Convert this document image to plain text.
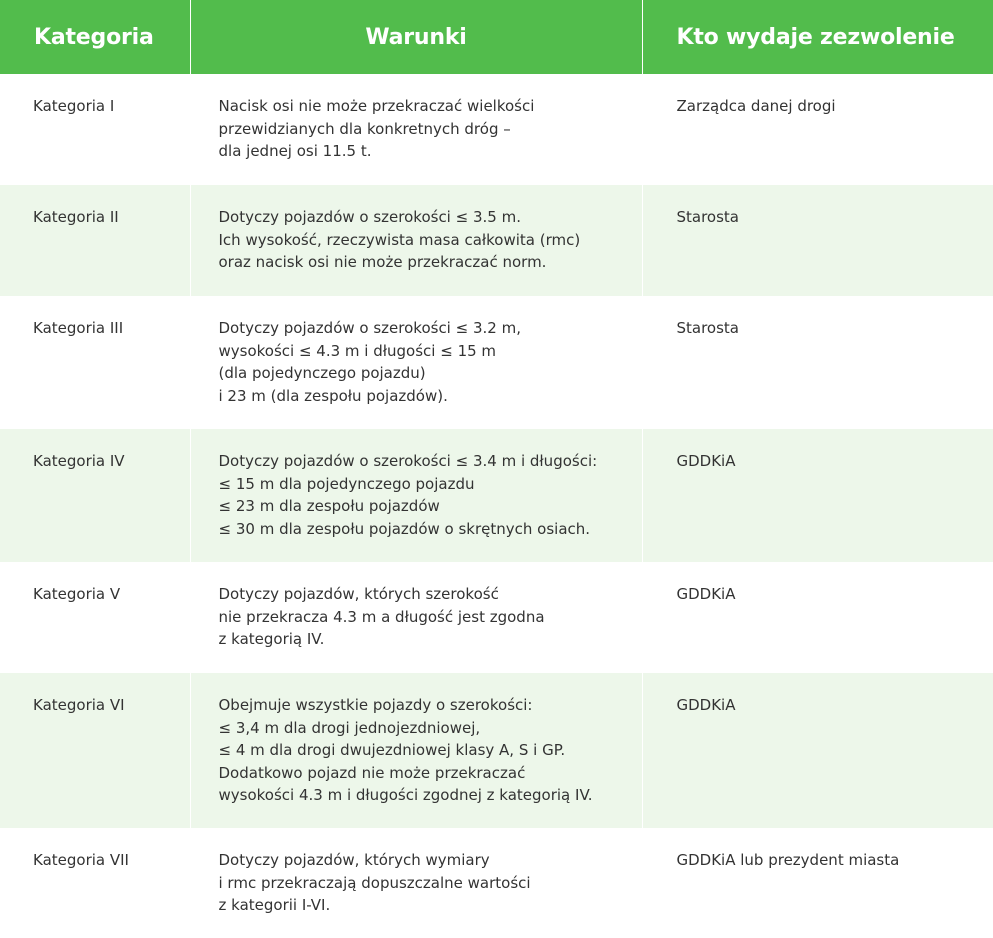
Kategoria	Warunki	Kto wydaje zezwolenie
Kategoria I	Nacisk osi nie może przekraczać wielkości
przewidzianych dla konkretnych dróg –
dla jednej osi 11.5 t.	Zarządca danej drogi
Kategoria II	Dotyczy pojazdów o szerokości ≤ 3.5 m.
Ich wysokość, rzeczywista masa całkowita (rmc)
oraz nacisk osi nie może przekraczać norm.	Starosta
Kategoria III	Dotyczy pojazdów o szerokości ≤ 3.2 m,
wysokości ≤ 4.3 m i długości ≤ 15 m
(dla pojedynczego pojazdu)
i 23 m (dla zespołu pojazdów).	Starosta
Kategoria IV	Dotyczy pojazdów o szerokości ≤ 3.4 m i długości:
≤ 15 m dla pojedynczego pojazdu
≤ 23 m dla zespołu pojazdów
≤ 30 m dla zespołu pojazdów o skrętnych osiach.	GDDKiA
Kategoria V	Dotyczy pojazdów, których szerokość
nie przekracza 4.3 m a długość jest zgodna
z kategorią IV.	GDDKiA
Kategoria VI	Obejmuje wszystkie pojazdy o szerokości:
≤ 3,4 m dla drogi jednojezdniowej,
≤ 4 m dla drogi dwujezdniowej klasy A, S i GP.
Dodatkowo pojazd nie może przekraczać
wysokości 4.3 m i długości zgodnej z kategorią IV.	GDDKiA
Kategoria VII	Dotyczy pojazdów, których wymiary
i rmc przekraczają dopuszczalne wartości
z kategorii I-VI.	GDDKiA lub prezydent miasta
